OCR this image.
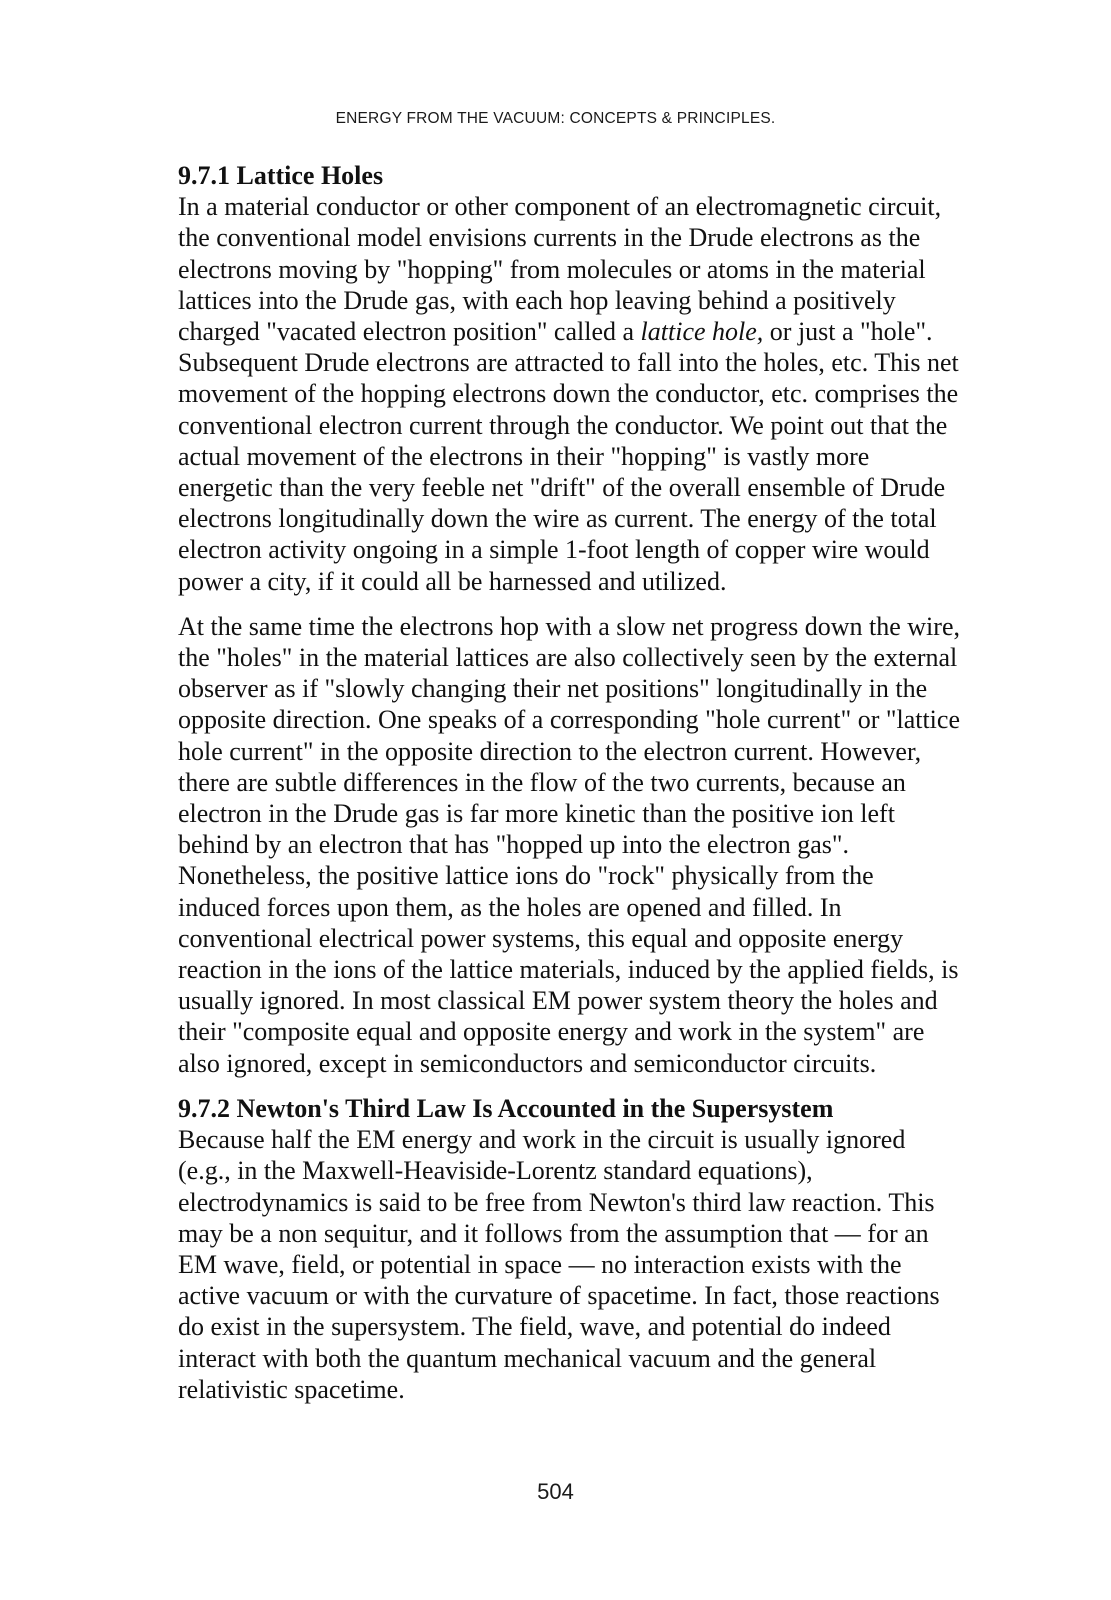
ENERGY FROM THE VACUUM: CONCEPTS & PRINCIPLES.
9.7.1 Lattice Holes
In a material conductor or other component of an electromagnetic circuit,
the conventional model envisions currents in the Drude electrons as the
electrons moving by "hopping" from molecules or atoms in the material
lattices into the Drude gas, with each hop leaving behind a positively
charged "vacated electron position" called a lattice hole, or just a "hole".
Subsequent Drude electrons are attracted to fall into the holes, etc. This net
movement of the hopping electrons down the conductor, etc. comprises the
conventional electron current through the conductor. We point out that the
actual movement of the electrons in their "hopping" is vastly more
energetic than the very feeble net "drift" of the overall ensemble of Drude
electrons longitudinally down the wire as current. The energy of the total
electron activity ongoing in a simple 1-foot length of copper wire would
power a city, if it could all be harnessed and utilized.
At the same time the electrons hop with a slow net progress down the wire,
the "holes" in the material lattices are also collectively seen by the external
observer as if "slowly changing their net positions" longitudinally in the
opposite direction. One speaks of a corresponding "hole current" or "lattice
hole current" in the opposite direction to the electron current. However,
there are subtle differences in the flow of the two currents, because an
electron in the Drude gas is far more kinetic than the positive ion left
behind by an electron that has "hopped up into the electron gas".
Nonetheless, the positive lattice ions do "rock" physically from the
induced forces upon them, as the holes are opened and filled. In
conventional electrical power systems, this equal and opposite energy
reaction in the ions of the lattice materials, induced by the applied fields, is
usually ignored. In most classical EM power system theory the holes and
their "composite equal and opposite energy and work in the system" are
also ignored, except in semiconductors and semiconductor circuits.
9.7.2 Newton's Third Law Is Accounted in the Supersystem
Because half the EM energy and work in the circuit is usually ignored
(e.g., in the Maxwell-Heaviside-Lorentz standard equations),
electrodynamics is said to be free from Newton's third law reaction. This
may be a non sequitur, and it follows from the assumption that — for an
EM wave, field, or potential in space — no interaction exists with the
active vacuum or with the curvature of spacetime. In fact, those reactions
do exist in the supersystem. The field, wave, and potential do indeed
interact with both the quantum mechanical vacuum and the general
relativistic spacetime.
504
